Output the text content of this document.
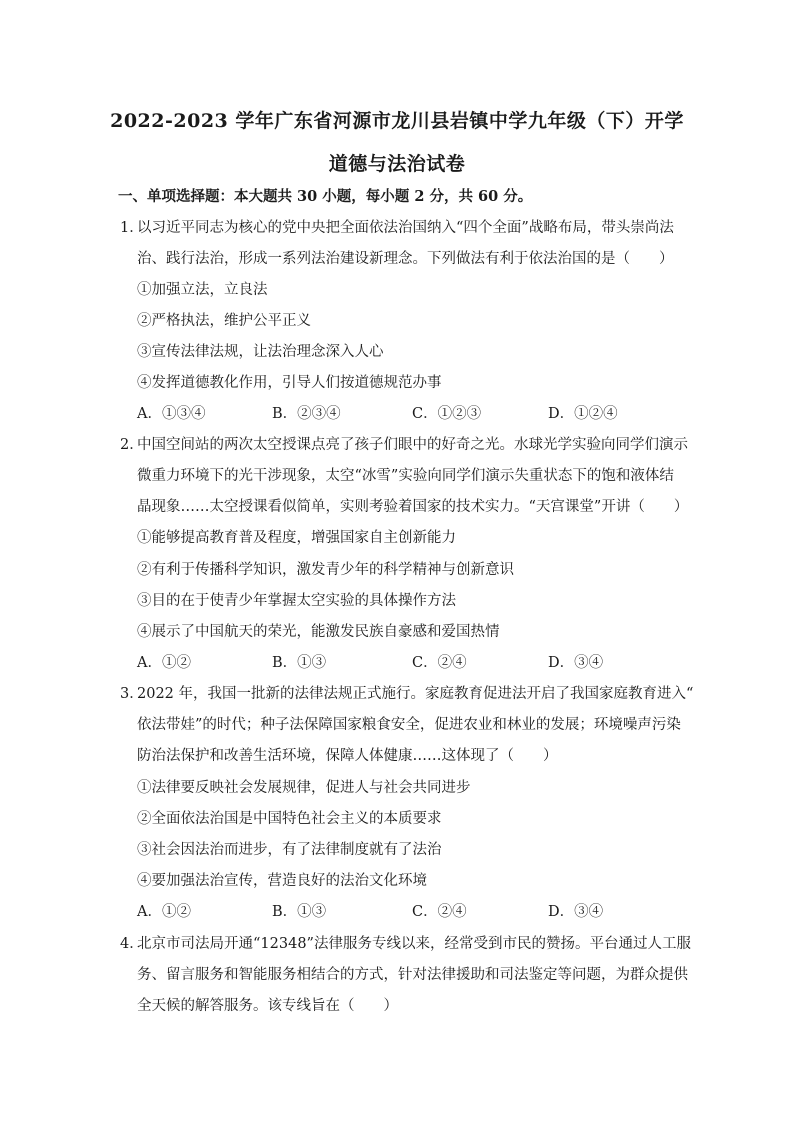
2022-2023 学年广东省河源市龙川县岩镇中学九年级（下）开学
道德与法治试卷
一、单项选择题：本大题共 30 小题，每小题 2 分，共 60 分。
1．
以习近平同志为核心的党中央把全面依法治国纳入“四个全面”战略布局，带头崇尚法
治、践行法治，形成一系列法治建设新理念。下列做法有利于依法治国的是（　　）
①加强立法，立良法
②严格执法，维护公平正义
③宣传法律法规，让法治理念深入人心
④发挥道德教化作用，引导人们按道德规范办事
A．①③④	B．②③④	C．①②③	D．①②④
2．
中国空间站的两次太空授课点亮了孩子们眼中的好奇之光。水球光学实验向同学们演示
微重力环境下的光干涉现象，太空“冰雪”实验向同学们演示失重状态下的饱和液体结
晶现象……太空授课看似简单，实则考验着国家的技术实力。“天宫课堂”开讲（　　）
①能够提高教育普及程度，增强国家自主创新能力
②有利于传播科学知识，激发青少年的科学精神与创新意识
③目的在于使青少年掌握太空实验的具体操作方法
④展示了中国航天的荣光，能激发民族自豪感和爱国热情
A．①②	B．①③	C．②④	D．③④
3．
2022 年，我国一批新的法律法规正式施行。家庭教育促进法开启了我国家庭教育进入“
依法带娃”的时代；种子法保障国家粮食安全，促进农业和林业的发展；环境噪声污染
防治法保护和改善生活环境，保障人体健康……这体现了（　　）
①法律要反映社会发展规律，促进人与社会共同进步
②全面依法治国是中国特色社会主义的本质要求
③社会因法治而进步，有了法律制度就有了法治
④要加强法治宣传，营造良好的法治文化环境
A．①②	B．①③	C．②④	D．③④
4．
北京市司法局开通“12348”法律服务专线以来，经常受到市民的赞扬。平台通过人工服
务、留言服务和智能服务相结合的方式，针对法律援助和司法鉴定等问题，为群众提供
全天候的解答服务。该专线旨在（　　）
